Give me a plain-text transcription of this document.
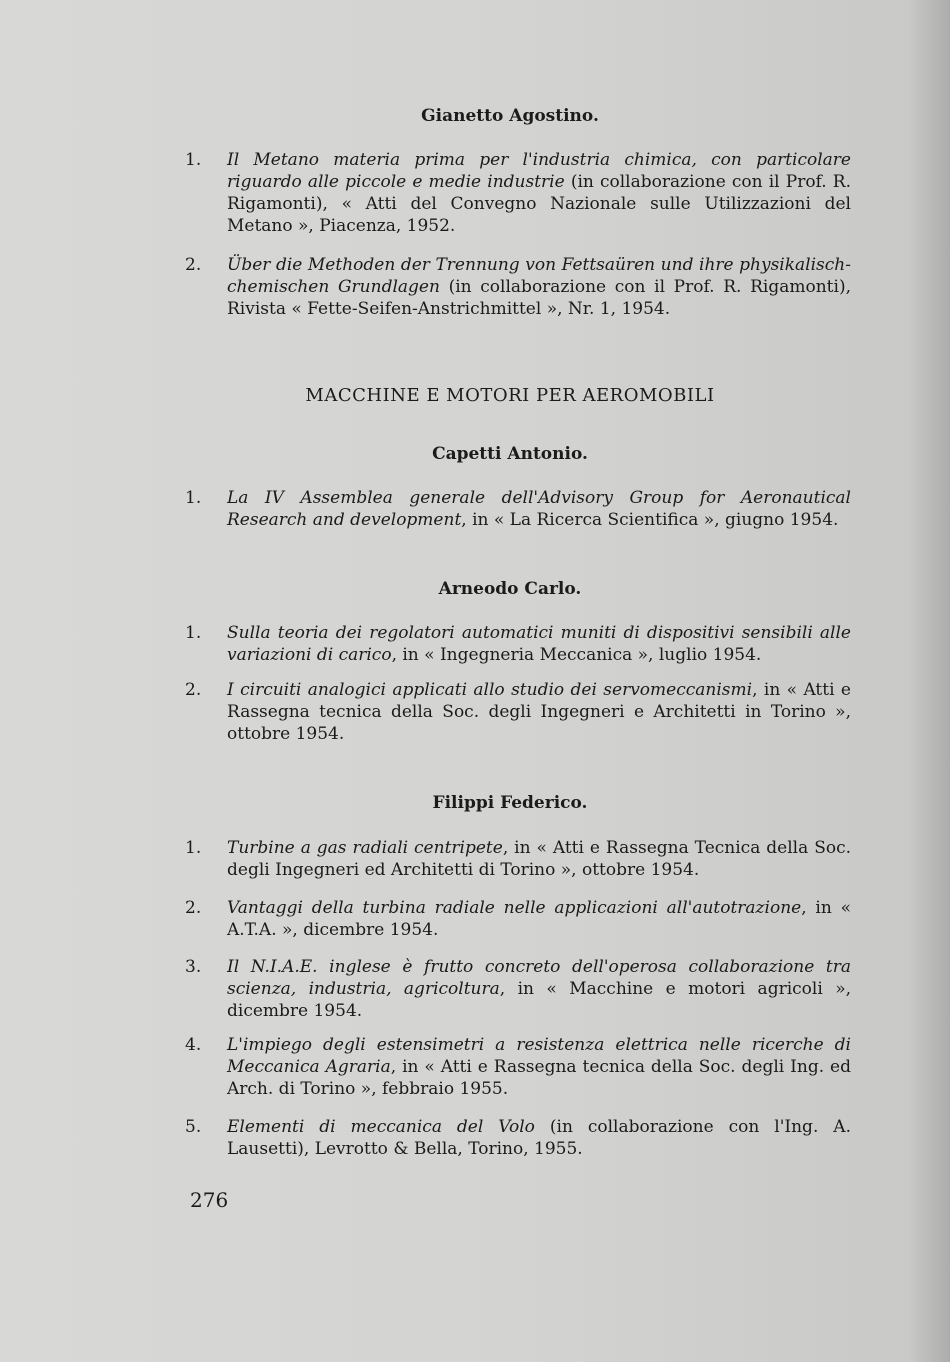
Gianetto Agostino.
1. Il Metano materia prima per l'industria chimica, con particolare riguardo alle piccole e medie industrie (in collaborazione con il Prof. R. Rigamonti), « Atti del Convegno Nazionale sulle Utilizzazioni del Metano », Piacenza, 1952.
2. Über die Methoden der Trennung von Fettsaüren und ihre physikalisch-chemischen Grundlagen (in collaborazione con il Prof. R. Rigamonti), Rivista « Fette-Seifen-Anstrichmittel », Nr. 1, 1954.
MACCHINE E MOTORI PER AEROMOBILI
Capetti Antonio.
1. La IV Assemblea generale dell'Advisory Group for Aeronautical Research and development, in « La Ricerca Scientifica », giugno 1954.
Arneodo Carlo.
1. Sulla teoria dei regolatori automatici muniti di dispositivi sensibili alle variazioni di carico, in « Ingegneria Meccanica », luglio 1954.
2. I circuiti analogici applicati allo studio dei servomeccanismi, in « Atti e Rassegna tecnica della Soc. degli Ingegneri e Architetti in Torino », ottobre 1954.
Filippi Federico.
1. Turbine a gas radiali centripete, in « Atti e Rassegna Tecnica della Soc. degli Ingegneri ed Architetti di Torino », ottobre 1954.
2. Vantaggi della turbina radiale nelle applicazioni all'autotrazione, in « A.T.A. », dicembre 1954.
3. Il N.I.A.E. inglese è frutto concreto dell'operosa collaborazione tra scienza, industria, agricoltura, in « Macchine e motori agricoli », dicembre 1954.
4. L'impiego degli estensimetri a resistenza elettrica nelle ricerche di Meccanica Agraria, in « Atti e Rassegna tecnica della Soc. degli Ing. ed Arch. di Torino », febbraio 1955.
5. Elementi di meccanica del Volo (in collaborazione con l'Ing. A. Lausetti), Levrotto & Bella, Torino, 1955.
276
